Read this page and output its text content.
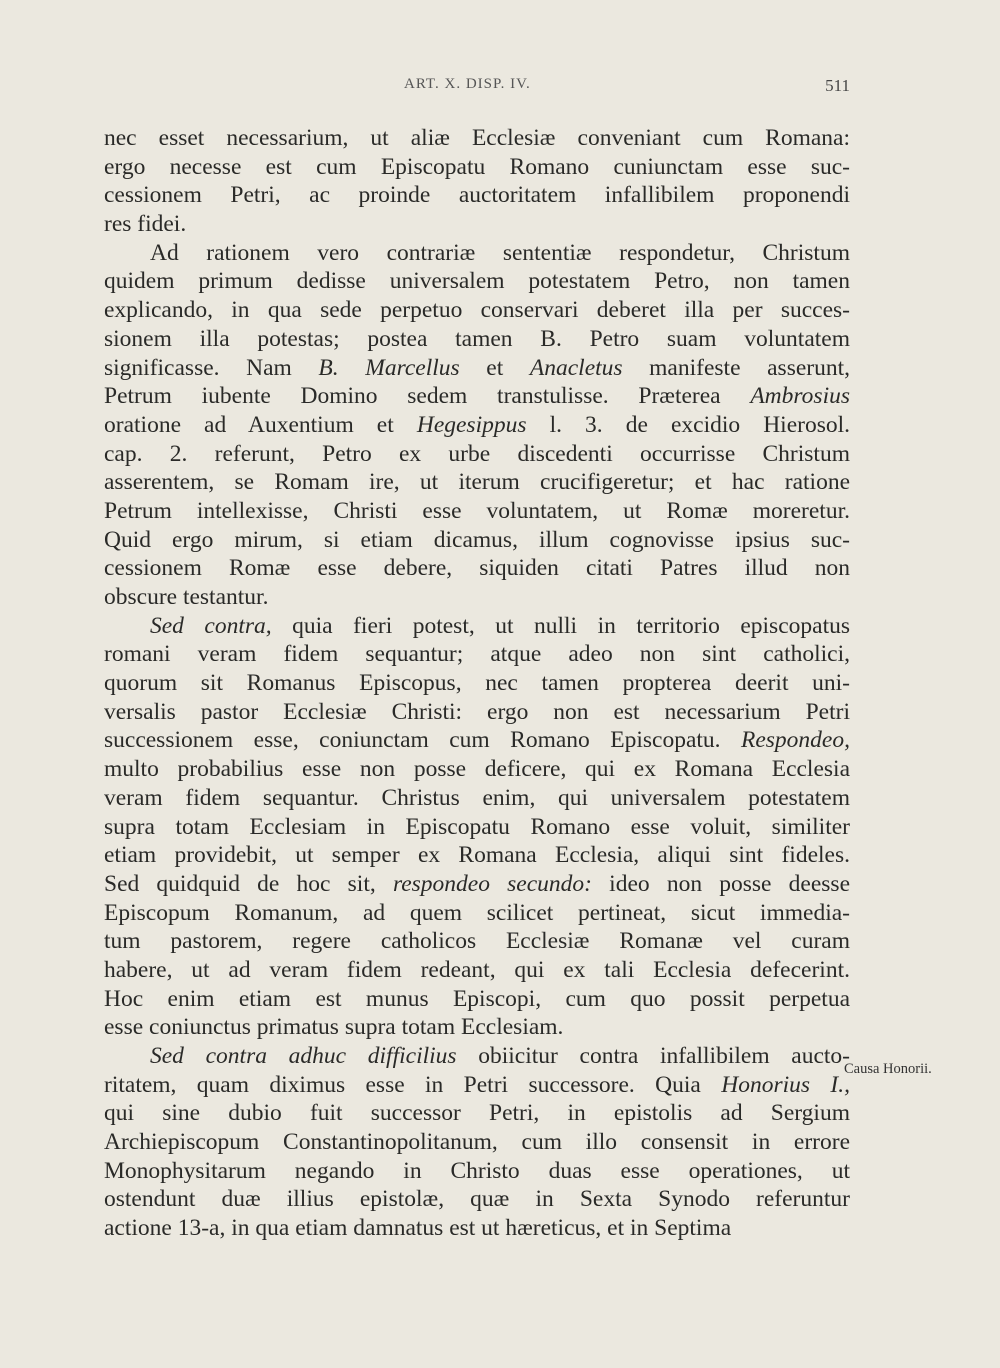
ART. X. DISP. IV.	511
nec esset necessarium, ut aliæ Ecclesiæ conveniant cum Romana:
ergo necesse est cum Episcopatu Romano cuniunctam esse suc-
cessionem Petri, ac proinde auctoritatem infallibilem proponendi
res fidei.
Ad rationem vero contrariæ sententiæ respondetur, Christum
quidem primum dedisse universalem potestatem Petro, non tamen
explicando, in qua sede perpetuo conservari deberet illa per succes-
sionem illa potestas; postea tamen B. Petro suam voluntatem
significasse. Nam B. Marcellus et Anacletus manifeste asserunt,
Petrum iubente Domino sedem transtulisse. Præterea Ambrosius
oratione ad Auxentium et Hegesippus l. 3. de excidio Hierosol.
cap. 2. referunt, Petro ex urbe discedenti occurrisse Christum
asserentem, se Romam ire, ut iterum crucifigeretur; et hac ratione
Petrum intellexisse, Christi esse voluntatem, ut Romæ moreretur.
Quid ergo mirum, si etiam dicamus, illum cognovisse ipsius suc-
cessionem Romæ esse debere, siquiden citati Patres illud non
obscure testantur.
Sed contra, quia fieri potest, ut nulli in territorio episcopatus
romani veram fidem sequantur; atque adeo non sint catholici,
quorum sit Romanus Episcopus, nec tamen propterea deerit uni-
versalis pastor Ecclesiæ Christi: ergo non est necessarium Petri
successionem esse, coniunctam cum Romano Episcopatu. Respondeo,
multo probabilius esse non posse deficere, qui ex Romana Ecclesia
veram fidem sequantur. Christus enim, qui universalem potestatem
supra totam Ecclesiam in Episcopatu Romano esse voluit, similiter
etiam providebit, ut semper ex Romana Ecclesia, aliqui sint fideles.
Sed quidquid de hoc sit, respondeo secundo: ideo non posse deesse
Episcopum Romanum, ad quem scilicet pertineat, sicut immedia-
tum pastorem, regere catholicos Ecclesiæ Romanæ vel curam
habere, ut ad veram fidem redeant, qui ex tali Ecclesia defecerint.
Hoc enim etiam est munus Episcopi, cum quo possit perpetua
esse coniunctus primatus supra totam Ecclesiam.
Sed contra adhuc difficilius obiicitur contra infallibilem aucto-
ritatem, quam diximus esse in Petri successore. Quia Honorius I.,
qui sine dubio fuit successor Petri, in epistolis ad Sergium
Archiepiscopum Constantinopolitanum, cum illo consensit in errore
Monophysitarum negando in Christo duas esse operationes, ut
ostendunt duæ illius epistolæ, quæ in Sexta Synodo referuntur
actione 13-a, in qua etiam damnatus est ut hæreticus, et in Septima
Causa Honorii.
